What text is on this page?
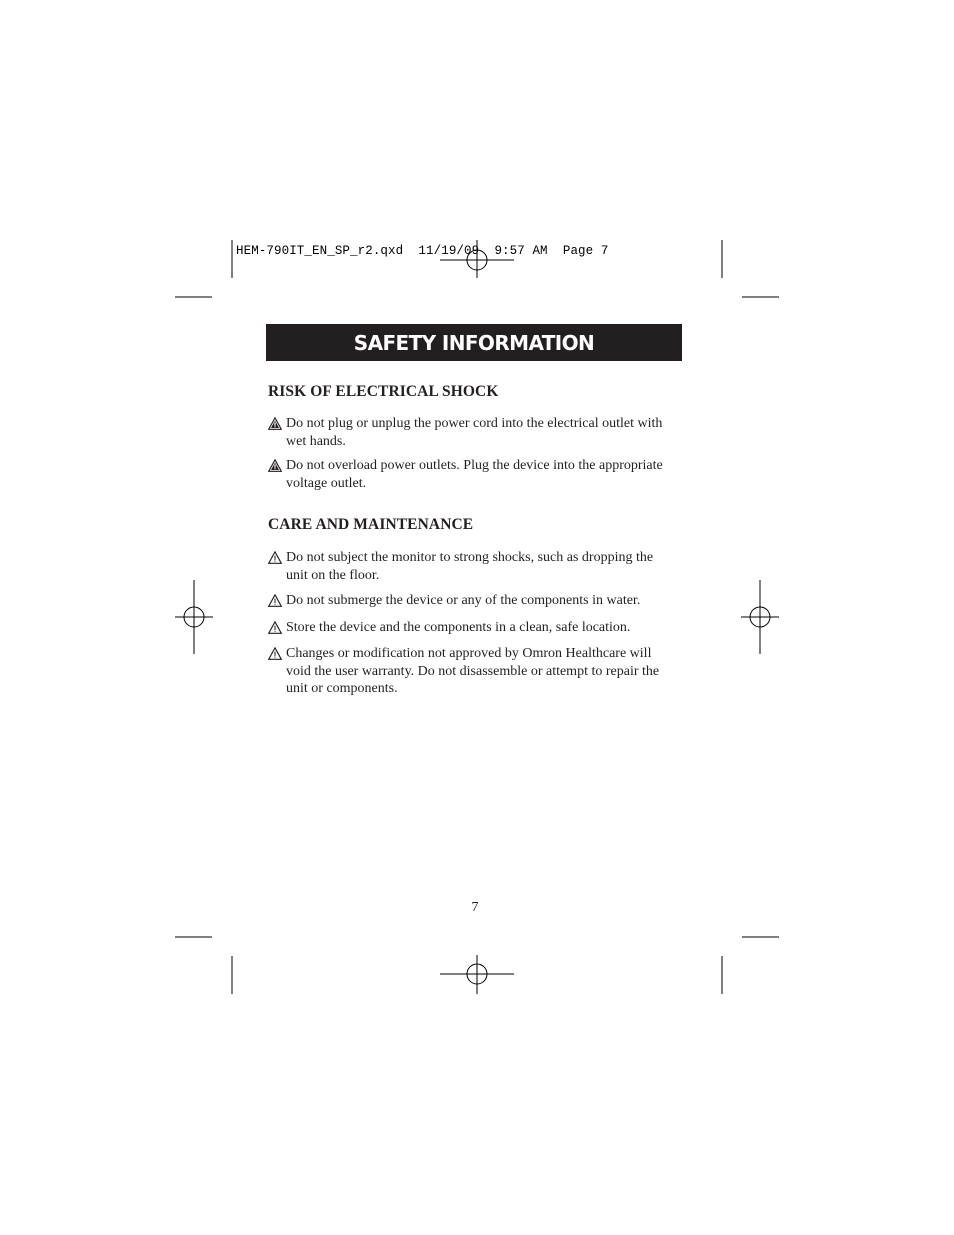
HEM-790IT_EN_SP_r2.qxd  11/19/09  9:57 AM  Page 7
SAFETY INFORMATION
RISK OF ELECTRICAL SHOCK
Do not plug or unplug the power cord into the electrical outlet with wet hands.
Do not overload power outlets. Plug the device into the appropriate voltage outlet.
CARE AND MAINTENANCE
Do not subject the monitor to strong shocks, such as dropping the unit on the floor.
Do not submerge the device or any of the components in water.
Store the device and the components in a clean, safe location.
Changes or modification not approved by Omron Healthcare will void the user warranty. Do not disassemble or attempt to repair the unit or components.
7
